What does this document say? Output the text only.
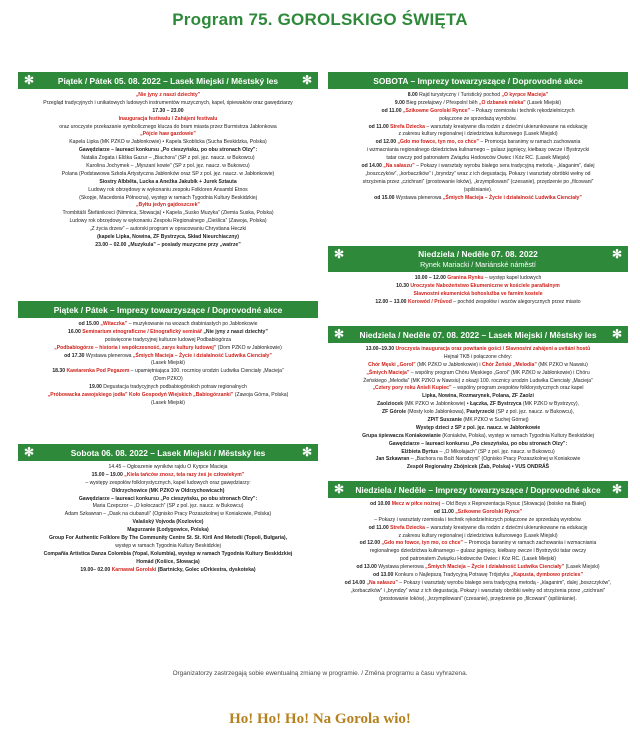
Program 75. GOROLSKIGO ŚWIĘTA
✻	Piątek / Pátek 05. 08. 2022 – Lasek Miejski / Městský les ✻

„Nie jyny z naszi dziechty”

Przegląd tradycyjnych i unikatowych ludowych instrumentów muzycznych, kapel, śpiewaków oraz gawędziarzy

17.30 – 23.00

Inauguracja festiwalu / Zahájení festivalu

oraz uroczyste przekazanie symbolicznego klucza do bram miasta przez Burmistrza Jabłonkowa

„Pójcie haw gazdowie”

Kapela Lipka (MK PZKO w Jabłonkowie) • Kapela Skoblicka (Sucha Beskidzka, Polska)

Gawędziarze – laureaci konkursu „Po cieszyńsku, po obu stronach Olzy”:

Natalia Zogata i Eliška Gazur – „Biachora” (SP z pol. jęz. naucz. w Bukowcu)

Karolina Jochymek – „Myszaní kowie” (SP z pol. jęz. naucz. w Bukowcu)

Polana (Podstawowa Szkoła Artystyczna Jabłonków oraz SP z pol. jęz. naucz. w Jabłonkowie)

Siostry Albběta, Lucka a Anežka Jakubík + Jurek Sztauta

Ludowy rok obrzędowy w wykonaniu zespołu Folkloren Ansambl Etnos

(Skopje, Macedonia Północna), występ w ramach Tygodnia Kultury Beskidzkiej

„Byłtu jedyn gajdoszczek”

Trombitáši Štefánikovci (Nimnica, Słowacja) • Kapela „Susko Muzyka” (Ziemia Suska, Polska)

Ludowy rok obrzędowy w wykonaniu Zespołu Regionalnego „Cieślica” (Zawoja, Polska)

„Z życia drzew” – autorski program w opracowaniu Chrystiana Heczki

(kapele Lipka, Nowina, ZF Bystrzyca, Skład Nieurchiaczny)

23.00 – 02.00 „Muzykula” – posiady muzyczne przy „watrze”

Piątek / Pátek – Imprezy towarzyszące / Doprovodné akce

od 15.00 „Witaczka” – muzykowanie na wozach drabiniastych po Jabłonkowie

16.00 Seminarium etnograficzne / Etnografický seminář „Nie jyny z naszi dziechty”

poświęcone tradycyjnej kulturze ludowej Podbabiogórza

„Podbabiogórze – historia i współczesność, zarys kultury ludowej” (Dom PZKO w Jabłonkowie)

od 17.30 Wystawa plenerowa „Śmiych Macieja – Życie i działalność Ludwika Cienciały”

(Lasek Miejski)

18.30 Kawiarenka Pod Pegazem – upamiętniająca 100. rocznicę urodzin Ludwika Cienciały „Macieja”

(Dom PZKO)

19.00 Degustacja tradycyjnych podbabiogórskich potraw regionalnych

„Próbowacka zawojskiego jodła” Koło Gospodyń Wiejskich „Babiogórzanki” (Zawoja Górna, Polska)

(Lasek Miejski)

✻	Sobota 06. 08. 2022 – Lasek Miejski / Městský les	✻

14.45 – Ogłoszenie wyników rajdu O Kyrpce Macieja

15.00 – 19.00 „Kiela tańców znosz, tela razy żeś je człowiekym”

– występy zespołów folklorystycznych, kapel ludowych oraz gawędziarzy:

Oldrzychowice (MK PZKO w Oldrzychowicach)

Gawędziarze – laureaci konkursu „Po cieszyńsku, po obu stronach Olzy”:

Maria Czepczor – „O kołoczach” (SP z pol. jęz. naucz. w Bukowcu)

Adam Szkawran – „Dask na ciubanuli” (Ognisko Pracy Pozaszkolnej w Koniakowie, Polska)

Valašský Vojvoda (Kozlovice)

Magurzanie (Łodygowice, Polska)

Group For Authentic Folklore By The Community Centre St. St. Kiril And Metodii (Topoli, Bułgaria),

występ w ramach Tygodnia Kultury Beskidzkiej

Compañía Artística Danza Colombia (Yopal, Kolumbia), występ w ramach Tygodnia Kultury Beskidzkiej

Homád (Košice, Słowacja)

19.00– 02.00 Karnawał Gorolski (Bartnicky, Golec uOrkiestra, dyskoteka)

SOBOTA – Imprezy towarzyszące / Doprovodné akce

8.00 Rajd turystyczny / Turistický pochod „O kyrpce Macieja”

9.00 Bieg przełajowy / Přespolní běh „O dzbanek mleka” (Lasek Miejski)

od 11.00 „Szikowne Gorolski Rynce” – Pokazy rzemiosła i technik rękodzielniczych

połączone ze sprzedażą wyrobów.

od 11.00 Strefa Dziecka – warsztaty kreatywne dla rodzin z dziećmi ukierunkowane na edukację

z zakresu kultury regionalnej i dziedzictwa kulturowego (Lasek Miejski)

od 12.00 „Gdo mo fowce, tyn mo, co chce” – Promocja baranimy w ramach zachowania

i wzmacniania regionalnego dziedzictwa kulinarnego – gulasz jagnięcy, kiełbasy owcze i Bystrzycki

tatar owczy pod patronatem Związku Hodowców Owiec i Kóz RC. (Lasek Miejski)

od 14.00 „Na sałaszu” – Pokazy i warsztaty wyrobu białego sera tradycyjną metodą - „klaganim”, dalej

„boszczyków”, „korbaczików” i „bryndzy” wraz z ich degustacją. Pokazy i warsztaty obróbki wełny od

strzyżenia przez „czichrani” (prostowanie loków), „krzympilowani” (czesanie), przędzenie po „filcowani”

(spilśnianie).

od 15.00 Wystawa plenerowa „Śmiych Macieja – Życie i działalność Ludwika Cienciały”

✻	Niedziela / Neděle 07. 08. 2022
Rynek Mariacki / Mariánské náměstí
✻

10.00 – 12.00 Granina Rynku – występ kapel ludowych

10.30 Uroczyste Nabożeństwo Ekumeniczne w kościele parafialnym

Slavnostní ekumenická bohoslužba ve farním kostele

12.00 – 13.00 Korowód / Průvod – pochód zespołów i wozów alegorycznych przez miasto

✻ Niedziela / Neděle 07. 08. 2022 – Lasek Miejski / Městský les ✻

13.00–19.30 Uroczysta inauguracja oraz powitanie gości / Slavnostní zahájení a uvítání hostů

Hejnał TKB i połączone chóry:

Chór Męski „Gorol” (MK PZKO w Jabłonkowie) i Chór Żeński „Melodia” (MK PZKO w Nawsiu)

„Śmiych Macieja” – wspólny program Chóru Męskiego „Gorol” (MK PZKO w Jabłonkowie) i Chóru

Żeńskiego „Melodia” (MK PZKO w Nawsiu) z okazji 100. rocznicy urodzin Ludwika Cienciały „Macieja”

„Cztery pory roku Anieli Kupiec” – wspólny program zespołów folklorystycznych oraz kapel

Lipka, Nowina, Rozmarynek, Polana, ZF Zaolzi

Zaolziocek (MK PZKO w Jabłonkowie) • Łączka, ZF Bystrzyca (MK PZKO w Bystrzycy),

ZF Górole (Mosty koło Jabłonkowa), Pastyrzecki (SP z pol. jęz. naucz. w Bukowcu),

ZPiT Suszanie (MK PZKO w Suchej Górnej)

Występ dzieci z SP z pol. jęz. naucz. w Jabłonkowie

Grupa śpiewacza Koniakowianie (Koniaków, Polska), występ w ramach Tygodnia Kultury Beskidzkiej

Gawędziarze – laureaci konkursu „Po cieszyńsku, po obu stronach Olzy”:

Elżbieta Byrtus – „O Mikołajach” (SP z pol. jęz. naucz. w Bukowcu)

Jan Szkawran – „Bachora na Boži Narodzyni” (Ognisko Pracy Pozaszkolnej w Koniakowie

Zespół Regionalny Zbójnicek (Żab, Polska) • VUS ONDRÁŠ

✻ Niedziela / Neděle – Imprezy towarzyszące / Doprovodné akce ✻

od 10.00 Mecz w piłce nożnej – Old Boys x Reprezentacja Rysuc (Słowacja) (boisko na Białej)

od 11.00 „Szikowne Gorolski Rynce”

– Pokazy i warsztaty rzemiosła i technik rękodzielniczych połączone ze sprzedażą wyrobów.

od 11.00 Strefa Dziecka – warsztaty kreatywne dla rodzin z dziećmi ukierunkowane na edukację

z zakresu kultury regionalnej i dziedzictwa kulturowego (Lasek Miejski)

od 12.00 „Gdo mo fowce, tyn mo, co chce” – Promocja baraniny w ramach zachowania i wzmacniania

regionalnego dziedzictwa kulinarnego – gulasz jagnięcy, kiełbasy owcze i Bystrzycki tatar owczy

pod patronatem Związku Hodowców Owiec i Kóz RC. (Lasek Miejski)

od 13.00 Wystawa plenerowa „Śmiych Macieja – Życie i działalność Ludwika Cienciały” (Lasek Miejski)

od 13.00 Konkurs o Najlepszą Tradycyjną Potrawę Trójstyku „Kapusta, dymbowo przicies”

od 14.00 „Na sałaszu” – Pokazy i warsztaty wyrobu białego sera tradycyjną metodą - „klaganim”, dalej „boszczyków”,

„korbaczików” i „bryndzy” wraz z ich degustacją. Pokazy i warsztaty obróbki wełny od strzyżenia przez „czichrani”

(prostowanie loków), „krzympilowani” (czesanie), przędzenie po „filcowani” (spilśnianie).

Organizatorzy zastrzegają sobie ewentualną zmianę w programie. / Změna programu a času vyhrazena.
Ho! Ho! Ho! Na Gorola wio!
